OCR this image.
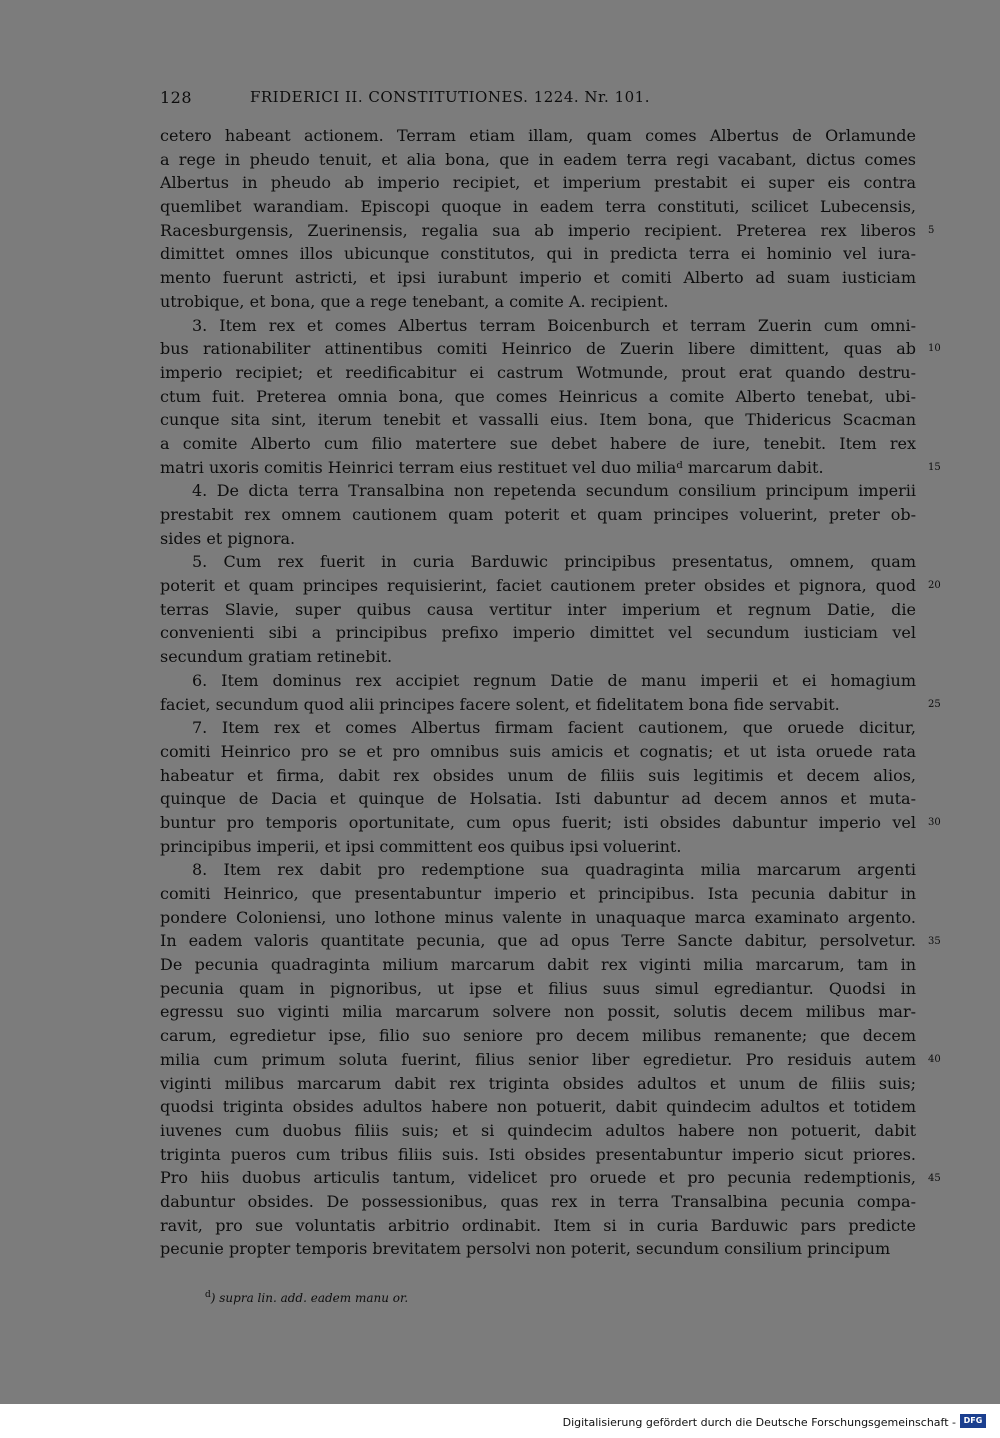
128	FRIDERICI II. CONSTITUTIONES. 1224. Nr. 101.
cetero habeant actionem. Terram etiam illam, quam comes Albertus de Orlamunde
a rege in pheudo tenuit, et alia bona, que in eadem terra regi vacabant, dictus comes
Albertus in pheudo ab imperio recipiet, et imperium prestabit ei super eis contra
quemlibet warandiam. Episcopi quoque in eadem terra constituti, scilicet Lubecensis,
Racesburgensis, Zuerinensis, regalia sua ab imperio recipient. Preterea rex liberos
dimittet omnes illos ubicunque constitutos, qui in predicta terra ei hominio vel iura-
mento fuerunt astricti, et ipsi iurabunt imperio et comiti Alberto ad suam iusticiam
utrobique, et bona, que a rege tenebant, a comite A. recipient.
  3. Item rex et comes Albertus terram Boicenburch et terram Zuerin cum omni-
bus rationabiliter attinentibus comiti Heinrico de Zuerin libere dimittent, quas ab
imperio recipiet; et reedificabitur ei castrum Wotmunde, prout erat quando destru-
ctum fuit. Preterea omnia bona, que comes Heinricus a comite Alberto tenebat, ubi-
cunque sita sint, iterum tenebit et vassalli eius. Item bona, que Thidericus Scacman
a comite Alberto cum filio matertere sue debet habere de iure, tenebit. Item rex
matri uxoris comitis Heinrici terram eius restituet vel duo miliaᵈ marcarum dabit.
  4. De dicta terra Transalbina non repetenda secundum consilium principum imperii
prestabit rex omnem cautionem quam poterit et quam principes voluerint, preter ob-
sides et pignora.
  5. Cum rex fuerit in curia Barduwic principibus presentatus, omnem, quam
poterit et quam principes requisierint, faciet cautionem preter obsides et pignora, quod
terras Slavie, super quibus causa vertitur inter imperium et regnum Datie, die
convenienti sibi a principibus prefixo imperio dimittet vel secundum iusticiam vel
secundum gratiam retinebit.
  6. Item dominus rex accipiet regnum Datie de manu imperii et ei homagium
faciet, secundum quod alii principes facere solent, et fidelitatem bona fide servabit.
  7. Item rex et comes Albertus firmam facient cautionem, que oruede dicitur,
comiti Heinrico pro se et pro omnibus suis amicis et cognatis; et ut ista oruede rata
habeatur et firma, dabit rex obsides unum de filiis suis legitimis et decem alios,
quinque de Dacia et quinque de Holsatia. Isti dabuntur ad decem annos et muta-
buntur pro temporis oportunitate, cum opus fuerit; isti obsides dabuntur imperio vel
principibus imperii, et ipsi committent eos quibus ipsi voluerint.
  8. Item rex dabit pro redemptione sua quadraginta milia marcarum argenti
comiti Heinrico, que presentabuntur imperio et principibus. Ista pecunia dabitur in
pondere Coloniensi, uno lothone minus valente in unaquaque marca examinato argento.
In eadem valoris quantitate pecunia, que ad opus Terre Sancte dabitur, persolvetur.
De pecunia quadraginta milium marcarum dabit rex viginti milia marcarum, tam in
pecunia quam in pignoribus, ut ipse et filius suus simul egrediantur. Quodsi in
egressu suo viginti milia marcarum solvere non possit, solutis decem milibus mar-
carum, egredietur ipse, filio suo seniore pro decem milibus remanente; que decem
milia cum primum soluta fuerint, filius senior liber egredietur. Pro residuis autem
viginti milibus marcarum dabit rex triginta obsides adultos et unum de filiis suis;
quodsi triginta obsides adultos habere non potuerit, dabit quindecim adultos et totidem
iuvenes cum duobus filiis suis; et si quindecim adultos habere non potuerit, dabit
triginta pueros cum tribus filiis suis. Isti obsides presentabuntur imperio sicut priores.
Pro hiis duobus articulis tantum, videlicet pro oruede et pro pecunia redemptionis,
dabuntur obsides. De possessionibus, quas rex in terra Transalbina pecunia compa-
ravit, pro sue voluntatis arbitrio ordinabit. Item si in curia Barduwic pars predicte
pecunie propter temporis brevitatem persolvi non poterit, secundum consilium principum
5
10
15
20
25
30
35
40
45
$^d$) supra lin. add. eadem manu or.
Digitalisierung gefördert durch die Deutsche Forschungsgemeinschaft - DFG
